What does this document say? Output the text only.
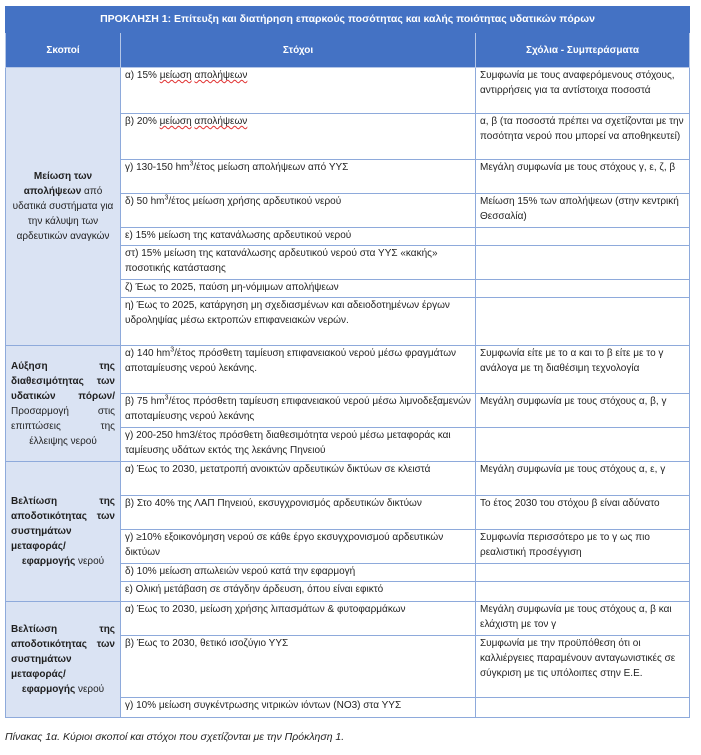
ΠΡΟΚΛΗΣΗ 1: Επίτευξη και διατήρηση επαρκούς ποσότητας και καλής ποιότητας υδατικών πόρων		
Σκοποί	Στόχοι	Σχόλια - Συμπεράσματα
Μείωση των απολήψεων από υδατικά συστήματα για την κάλυψη των αρδευτικών αναγκών	α) 15% μείωση απολήψεων	Συμφωνία με τους αναφερόμενους στόχους, αντιρρήσεις για τα αντίστοιχα ποσοστά
	β) 20% μείωση απολήψεων	α, β (τα ποσοστά πρέπει να σχετίζονται με την ποσότητα νερού που μπορεί να αποθηκευτεί)
	γ) 130-150 $hm^3$/έτος μείωση απολήψεων από ΥΥΣ	Μεγάλη συμφωνία με τους στόχους γ, ε, ζ, β
	δ) 50 $hm^3$/έτος μείωση χρήσης αρδευτικού νερού	Μείωση 15% των απολήψεων (στην κεντρική Θεσσαλία)
	ε) 15% μείωση της κατανάλωσης αρδευτικού νερού	
	στ) 15% μείωση της κατανάλωσης αρδευτικού νερού στα ΥΥΣ «κακής» ποσοτικής κατάστασης	
	ζ) Έως το 2025, παύση μη-νόμιμων απολήψεων	
	η) Έως το 2025, κατάργηση μη σχεδιασμένων και αδειοδοτημένων έργων υδροληψίας μέσω εκτροπών επιφανειακών νερών.	
Αύξηση της διαθεσιμότητας των υδατικών πόρων/ Προσαρμογή στις επιπτώσεις της έλλειψης νερού	α) 140 $hm^3$/έτος πρόσθετη ταμίευση επιφανειακού νερού μέσω φραγμάτων αποταμίευσης νερού λεκάνης.	Συμφωνία είτε με το α και το β είτε με το γ ανάλογα με τη διαθέσιμη τεχνολογία
	β) 75 $hm^3$/έτος πρόσθετη ταμίευση επιφανειακού νερού μέσω λιμνοδεξαμενών αποταμίευσης νερού λεκάνης	Μεγάλη συμφωνία με τους στόχους α, β, γ
	γ) 200-250 hm3/έτος πρόσθετη διαθεσιμότητα νερού μέσω μεταφοράς και ταμίευσης υδάτων εκτός της λεκάνης Πηνειού	
Βελτίωση της αποδοτικότητας των συστημάτων μεταφοράς/ εφαρμογής νερού	α) Έως το 2030, μετατροπή ανοικτών αρδευτικών δικτύων σε κλειστά	Μεγάλη συμφωνία με τους στόχους α, ε, γ
	β) Στο 40% της ΛΑΠ Πηνειού, εκσυγχρονισμός αρδευτικών δικτύων	Το έτος 2030 του στόχου β είναι αδύνατο
	γ) ≥10% εξοικονόμηση νερού σε κάθε έργο εκσυγχρονισμού αρδευτικών δικτύων	Συμφωνία περισσότερο με το γ ως πιο ρεαλιστική προσέγγιση
	δ) 10% μείωση απωλειών νερού κατά την εφαρμογή	
	ε) Ολική μετάβαση σε στάγδην άρδευση, όπου είναι εφικτό	
Βελτίωση της αποδοτικότητας των συστημάτων μεταφοράς/ εφαρμογής νερού	α) Έως το 2030, μείωση χρήσης λιπασμάτων & φυτοφαρμάκων	Μεγάλη συμφωνία με τους στόχους α, β και ελάχιστη με τον γ
	β) Έως το 2030, θετικό ισοζύγιο ΥΥΣ	Συμφωνία με την προϋπόθεση ότι οι καλλιέργειες παραμένουν ανταγωνιστικές σε σύγκριση με τις υπόλοιπες στην Ε.Ε.
	γ) 10% μείωση συγκέντρωσης νιτρικών ιόντων (ΝΟ3) στα ΥΥΣ	
Πίνακας 1α. Κύριοι σκοποί και στόχοι που σχετίζονται με την Πρόκληση 1.
